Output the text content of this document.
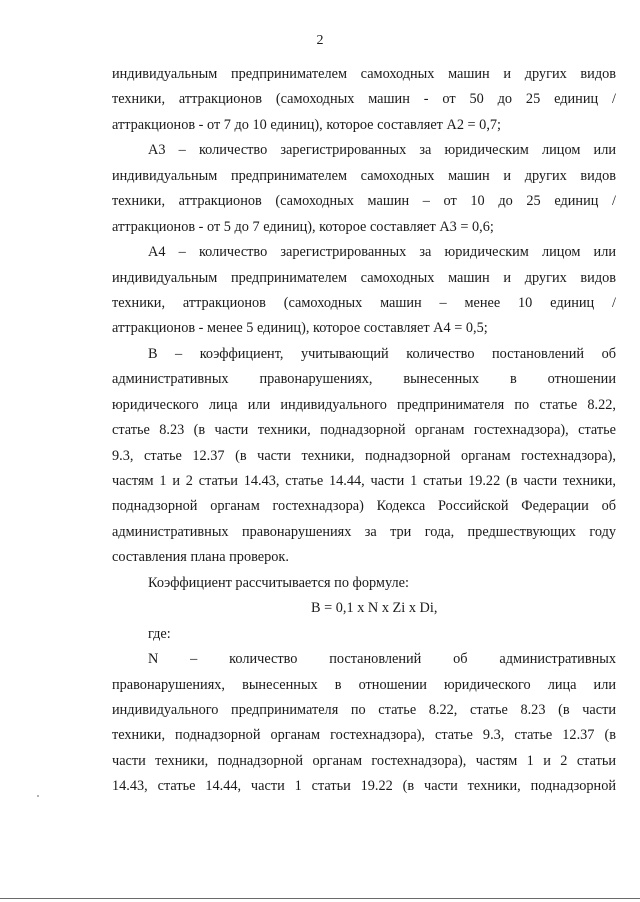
2
индивидуальным предпринимателем самоходных машин и других видов
техники, аттракционов (самоходных машин - от 50 до 25 единиц /
аттракционов - от 7 до 10 единиц), которое составляет А2 = 0,7;
А3 – количество зарегистрированных за юридическим лицом или
индивидуальным предпринимателем самоходных машин и других видов
техники, аттракционов (самоходных машин – от 10 до 25 единиц /
аттракционов - от 5 до 7 единиц), которое составляет А3 = 0,6;
А4 – количество зарегистрированных за юридическим лицом или
индивидуальным предпринимателем самоходных машин и других видов
техники, аттракционов (самоходных машин – менее 10 единиц /
аттракционов - менее 5 единиц), которое составляет А4 = 0,5;
В – коэффициент, учитывающий количество постановлений об
административных правонарушениях, вынесенных в отношении
юридического лица или индивидуального предпринимателя по статье 8.22,
статье 8.23 (в части техники, поднадзорной органам гостехнадзора), статье
9.3, статье 12.37 (в части техники, поднадзорной органам гостехнадзора),
частям 1 и 2 статьи 14.43, статье 14.44, части 1 статьи 19.22 (в части техники,
поднадзорной органам гостехнадзора) Кодекса Российской Федерации об
административных правонарушениях за три года, предшествующих году
составления плана проверок.
Коэффициент рассчитывается по формуле:
В = 0,1 x N x Zi x Di,
где:
N – количество постановлений об административных
правонарушениях, вынесенных в отношении юридического лица или
индивидуального предпринимателя по статье 8.22, статье 8.23 (в части
техники, поднадзорной органам гостехнадзора), статье 9.3, статье 12.37 (в
части техники, поднадзорной органам гостехнадзора), частям 1 и 2 статьи
14.43, статье 14.44, части 1 статьи 19.22 (в части техники, поднадзорной
